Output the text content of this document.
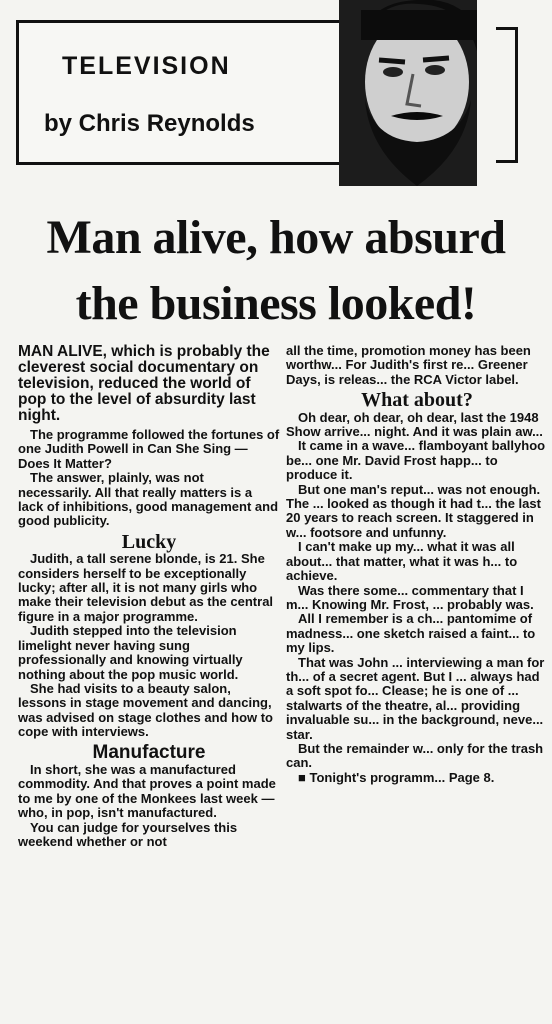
TELEVISION
by Chris Reynolds
Man alive, how absurd
the business looked!

MAN ALIVE, which is probably the cleverest social documentary on television, reduced the world of pop to the level of absurdity last night.

The programme followed the fortunes of one Judith Powell in Can She Sing — Does It Matter?

The answer, plainly, was not necessarily. All that really matters is a lack of inhibitions, good management and good publicity.

Lucky

Judith, a tall serene blonde, is 21. She considers herself to be exceptionally lucky; after all, it is not many girls who make their television debut as the central figure in a major programme.

Judith stepped into the television limelight never having sung professionally and knowing virtually nothing about the pop music world.

She had visits to a beauty salon, lessons in stage movement and dancing, was advised on stage clothes and how to cope with interviews.

Manufacture

In short, she was a manufactured commodity. And that proves a point made to me by one of the Monkees last week — who, in pop, isn't manufactured.

You can judge for yourselves this weekend whether or not

all the time, promotion money has been worthw... For Judith's first re... Greener Days, is releas... the RCA Victor label.

What about?

Oh dear, oh dear, oh dear, last the 1948 Show arrive... night. And it was plain aw...

It came in a wave... flamboyant ballyhoo be... one Mr. David Frost happ... to produce it.

But one man's reput... was not enough. The ... looked as though it had t... the last 20 years to reach screen. It staggered in w... footsore and unfunny.

I can't make up my... what it was all about... that matter, what it was h... to achieve.

Was there some... commentary that I m... Knowing Mr. Frost, ... probably was.

All I remember is a ch... pantomime of madness... one sketch raised a faint... to my lips.

That was John ... interviewing a man for th... of a secret agent. But I ... always had a soft spot fo... Clease; he is one of ... stalwarts of the theatre, al... providing invaluable su... in the background, neve... star.

But the remainder w... only for the trash can.

■ Tonight's programm... Page 8.
